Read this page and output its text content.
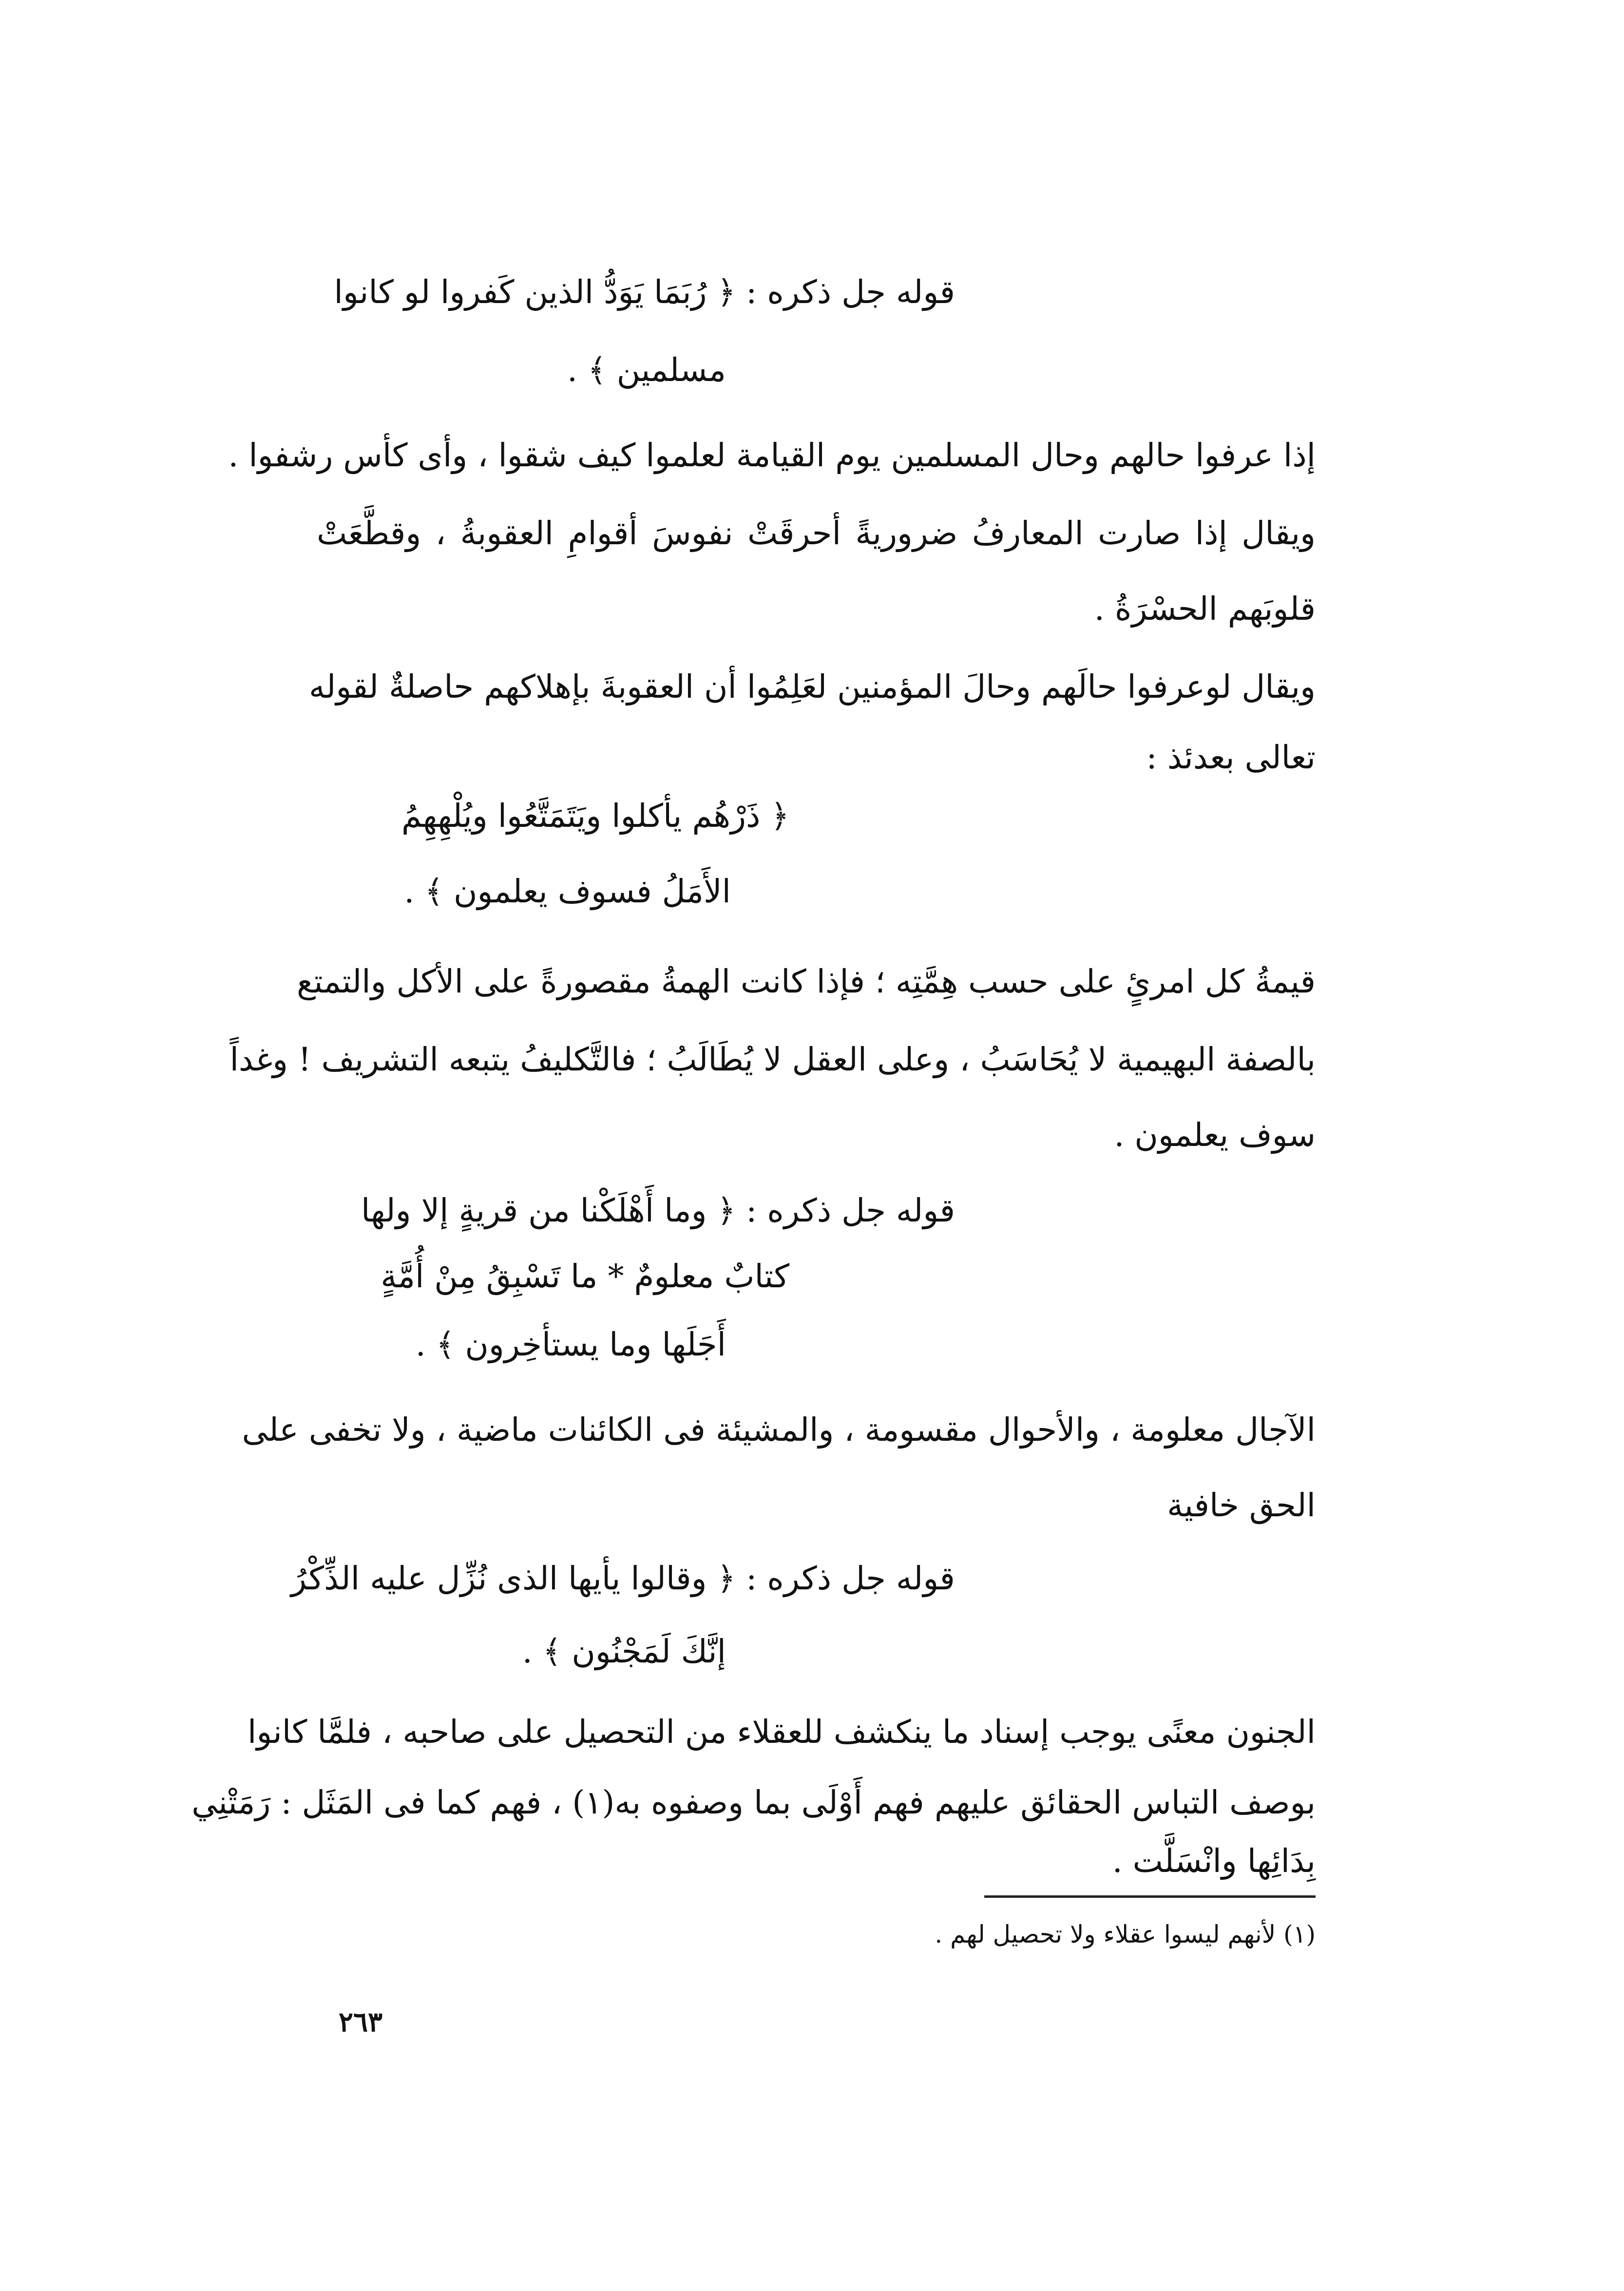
قوله جل ذكره : ﴿ رُبَمَا يَوَدُّ الذين كَفروا لو كانوا
مسلمين ﴾ .
إذا عرفوا حالهم وحال المسلمين يوم القيامة لعلموا كيف شقوا ، وأى كأس رشفوا .
ويقال إذا صارت المعارفُ ضروريةً أحرقَتْ نفوسَ أقوامِ العقوبةُ ، وقطَّعَتْ
قلوبَهم الحسْرَةُ .
ويقال لوعرفوا حالَهم وحالَ المؤمنين لعَلِمُوا أن العقوبةَ بإهلاكهم حاصلةٌ لقوله
تعالى بعدئذ :
﴿ ذَرْهُم يأكلوا ويَتَمَتَّعُوا ويُلْهِهِمُ
الأَمَلُ فسوف يعلمون ﴾ .
قيمةُ كل امرئٍ على حسب هِمَّتِه ؛ فإذا كانت الهمةُ مقصورةً على الأكل والتمتع
بالصفة البهيمية لا يُحَاسَبُ ، وعلى العقل لا يُطَالَبُ ؛ فالتَّكليفُ يتبعه التشريف ! وغداً
سوف يعلمون .
قوله جل ذكره : ﴿ وما أَهْلَكْنا من قريةٍ إلا ولها
كتابٌ معلومٌ * ما تَسْبِقُ مِنْ أُمَّةٍ
أَجَلَها وما يستأخِرون ﴾ .
الآجال معلومة ، والأحوال مقسومة ، والمشيئة فى الكائنات ماضية ، ولا تخفى على
الحق خافية
قوله جل ذكره : ﴿ وقالوا يأيها الذى نُزِّل عليه الذِّكْرُ
إنَّكَ لَمَجْنُون ﴾ .
الجنون معنًى يوجب إسناد ما ينكشف للعقلاء من التحصيل على صاحبه ، فلمَّا كانوا
بوصف التباس الحقائق عليهم فهم أَوْلَى بما وصفوه به(١) ، فهم كما فى المَثَل : رَمَتْنِي
بِدَائِها وانْسَلَّت .
(١) لأنهم ليسوا عقلاء ولا تحصيل لهم .
٢٦٣
